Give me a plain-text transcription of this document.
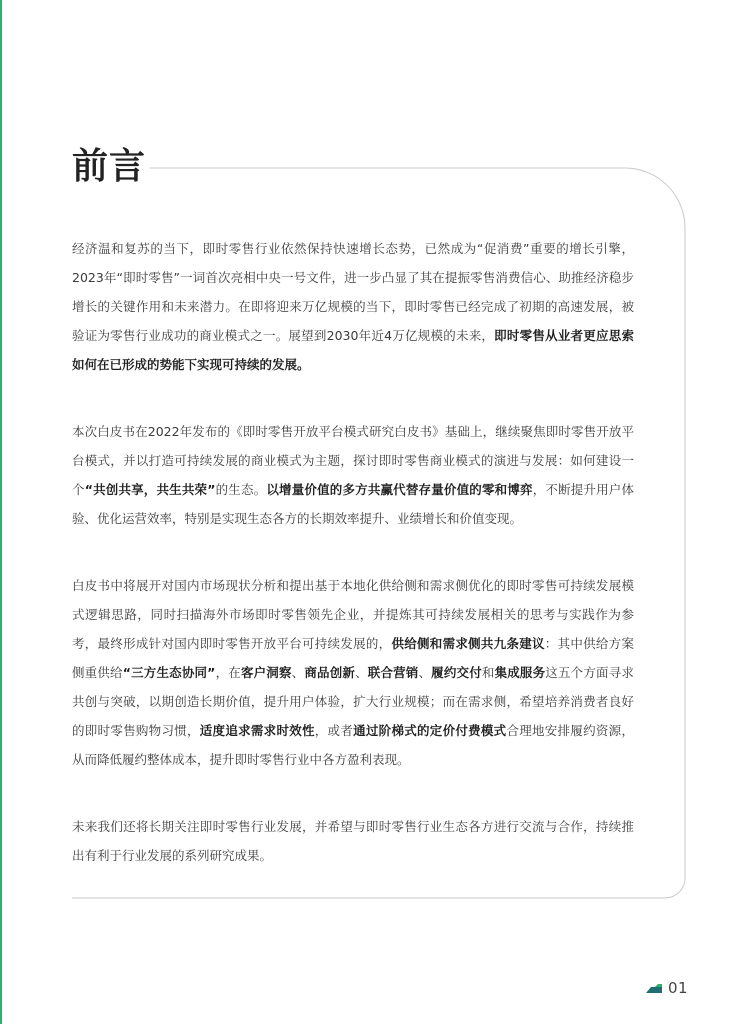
前言

经济温和复苏的当下，即时零售行业依然保持快速增长态势，已然成为“促消费”重要的增长引擎，2023年“即时零售”一词首次亮相中央一号文件，进一步凸显了其在提振零售消费信心、助推经济稳步增长的关键作用和未来潜力。在即将迎来万亿规模的当下，即时零售已经完成了初期的高速发展，被验证为零售行业成功的商业模式之一。展望到2030年近4万亿规模的未来，即时零售从业者更应思索如何在已形成的势能下实现可持续的发展。

本次白皮书在2022年发布的《即时零售开放平台模式研究白皮书》基础上，继续聚焦即时零售开放平台模式，并以打造可持续发展的商业模式为主题，探讨即时零售商业模式的演进与发展：如何建设一个“共创共享，共生共荣”的生态。以增量价值的多方共赢代替存量价值的零和博弈，不断提升用户体验、优化运营效率，特别是实现生态各方的长期效率提升、业绩增长和价值变现。

白皮书中将展开对国内市场现状分析和提出基于本地化供给侧和需求侧优化的即时零售可持续发展模式逻辑思路，同时扫描海外市场即时零售领先企业，并提炼其可持续发展相关的思考与实践作为参考，最终形成针对国内即时零售开放平台可持续发展的，供给侧和需求侧共九条建议：其中供给方案侧重供给“三方生态协同”，在客户洞察、商品创新、联合营销、履约交付和集成服务这五个方面寻求共创与突破，以期创造长期价值，提升用户体验，扩大行业规模；而在需求侧，希望培养消费者良好的即时零售购物习惯，适度追求需求时效性，或者通过阶梯式的定价付费模式合理地安排履约资源，从而降低履约整体成本，提升即时零售行业中各方盈利表现。

未来我们还将长期关注即时零售行业发展，并希望与即时零售行业生态各方进行交流与合作，持续推出有利于行业发展的系列研究成果。

01
